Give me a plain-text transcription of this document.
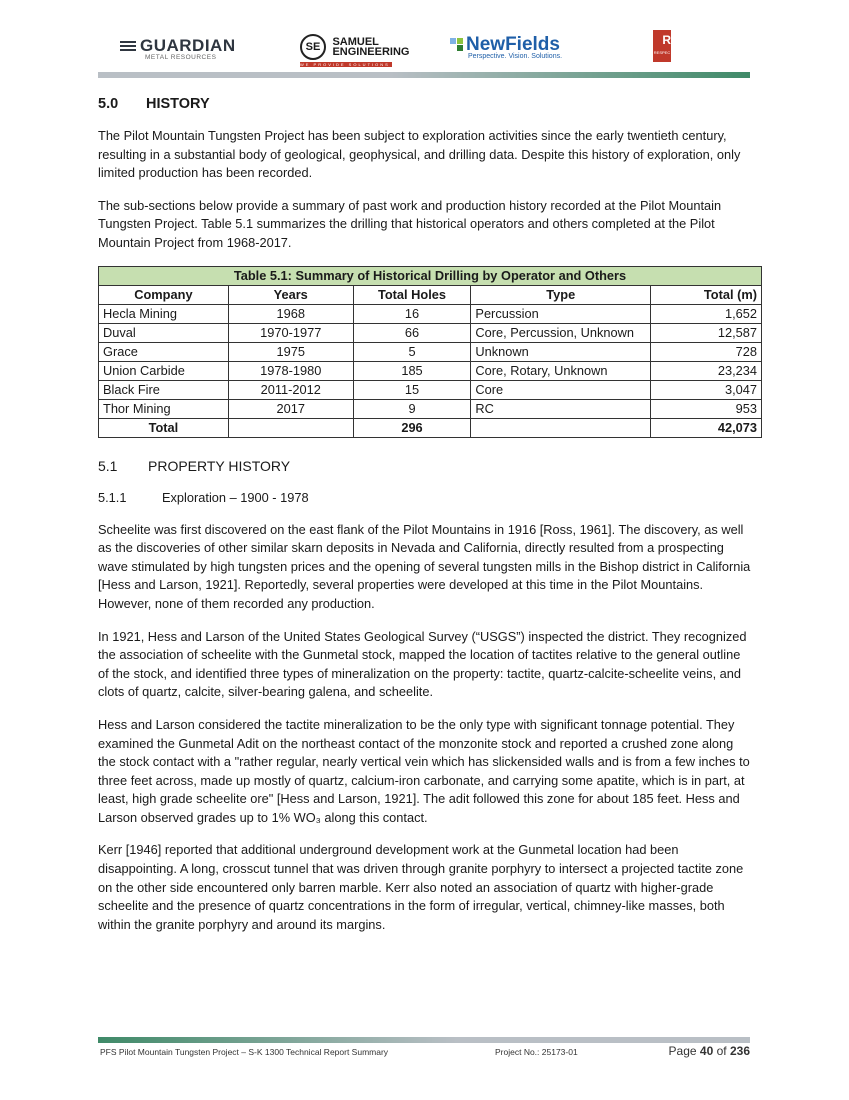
GUARDIAN
METAL RESOURCES
SE SAMUEL
ENGINEERING
WE PROVIDE SOLUTIONS
NewFields
Perspective. Vision. Solutions.
R
RESPEC
5.0 HISTORY

The Pilot Mountain Tungsten Project has been subject to exploration activities since the early twentieth century, resulting in a substantial body of geological, geophysical, and drilling data. Despite this history of exploration, only limited production has been recorded.

The sub-sections below provide a summary of past work and production history recorded at the Pilot Mountain Tungsten Project. Table 5.1 summarizes the drilling that historical operators and others completed at the Pilot Mountain Project from 1968-2017.

Table 5.1: Summary of Historical Drilling by Operator and Others				
Company	Years	Total Holes	Type	Total (m)
Hecla Mining	1968	16	Percussion	1,652
Duval	1970-1977	66	Core, Percussion, Unknown	12,587
Grace	1975	5	Unknown	728
Union Carbide	1978-1980	185	Core, Rotary, Unknown	23,234
Black Fire	2011-2012	15	Core	3,047
Thor Mining	2017	9	RC	953
Total		296		42,073
5.1 PROPERTY HISTORY
5.1.1	Exploration – 1900 - 1978

Scheelite was first discovered on the east flank of the Pilot Mountains in 1916 [Ross, 1961]. The discovery, as well as the discoveries of other similar skarn deposits in Nevada and California, directly resulted from a prospecting wave stimulated by high tungsten prices and the opening of several tungsten mills in the Bishop district in California [Hess and Larson, 1921]. Reportedly, several properties were developed at this time in the Pilot Mountains. However, none of them recorded any production.

In 1921, Hess and Larson of the United States Geological Survey (“USGS”) inspected the district. They recognized the association of scheelite with the Gunmetal stock, mapped the location of tactites relative to the general outline of the stock, and identified three types of mineralization on the property: tactite, quartz-calcite-scheelite veins, and clots of quartz, calcite, silver-bearing galena, and scheelite.

Hess and Larson considered the tactite mineralization to be the only type with significant tonnage potential. They examined the Gunmetal Adit on the northeast contact of the monzonite stock and reported a crushed zone along the stock contact with a "rather regular, nearly vertical vein which has slickensided walls and is from a few inches to three feet across, made up mostly of quartz, calcium-iron carbonate, and carrying some apatite, which is in part, at least, high grade scheelite ore" [Hess and Larson, 1921]. The adit followed this zone for about 185 feet. Hess and Larson observed grades up to 1% WO₃ along this contact.

Kerr [1946] reported that additional underground development work at the Gunmetal location had been disappointing. A long, crosscut tunnel that was driven through granite porphyry to intersect a projected tactite zone on the other side encountered only barren marble. Kerr also noted an association of quartz with higher-grade scheelite and the presence of quartz concentrations in the form of irregular, vertical, chimney-like masses, both within the granite porphyry and around its margins.

PFS Pilot Mountain Tungsten Project – S-K 1300 Technical Report Summary	Project No.: 25173-01	Page 40 of 236
